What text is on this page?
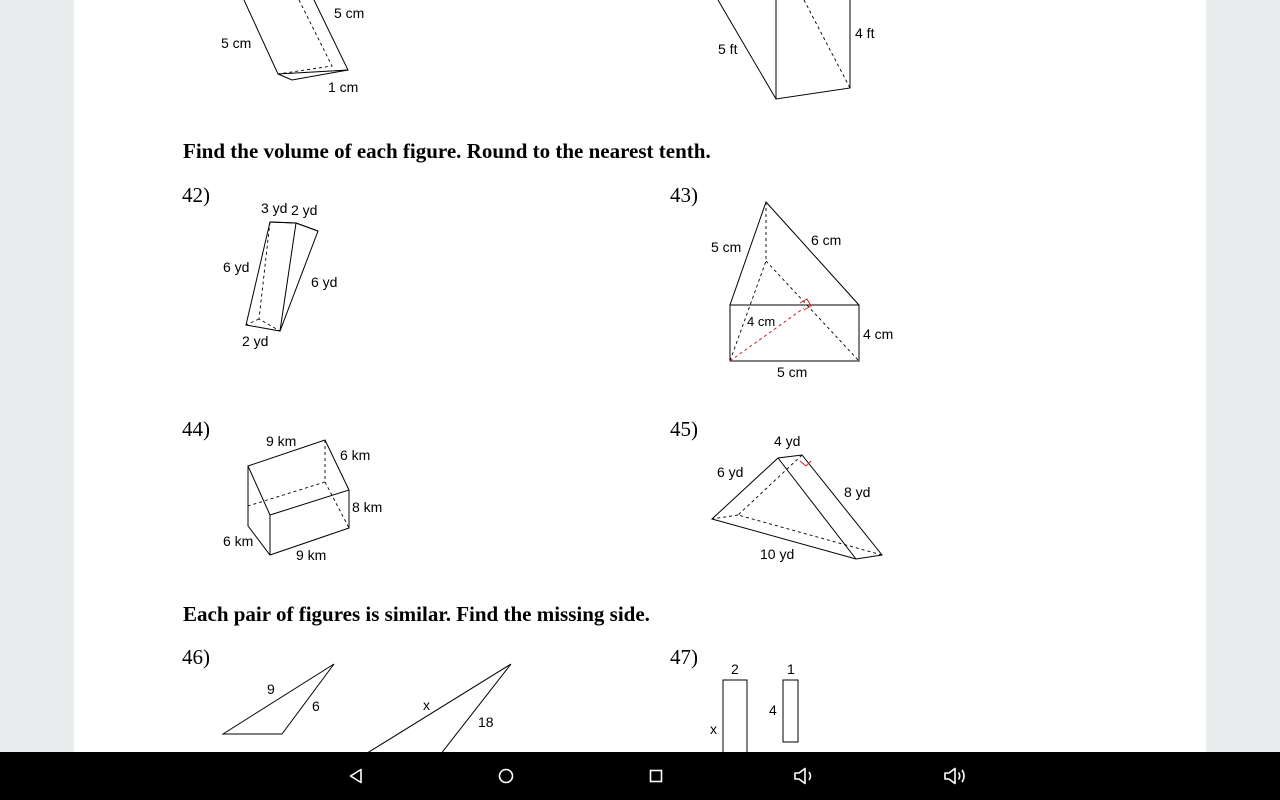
5 cm
5 cm
1 cm
4 ft
5 ft
Find the volume of each figure. Round to the nearest tenth.
42)
3 yd 2 yd
6 yd
6 yd
2 yd
43)
5 cm	6 cm
4 cm
4 cm
5 cm
44)	9 km
6 km
8 km
6 km
9 km
45)	4 yd
6 yd
8 yd
10 yd
Each pair of figures is similar. Find the missing side.
46)
9
6	x
18
47) 2	1
4
x
